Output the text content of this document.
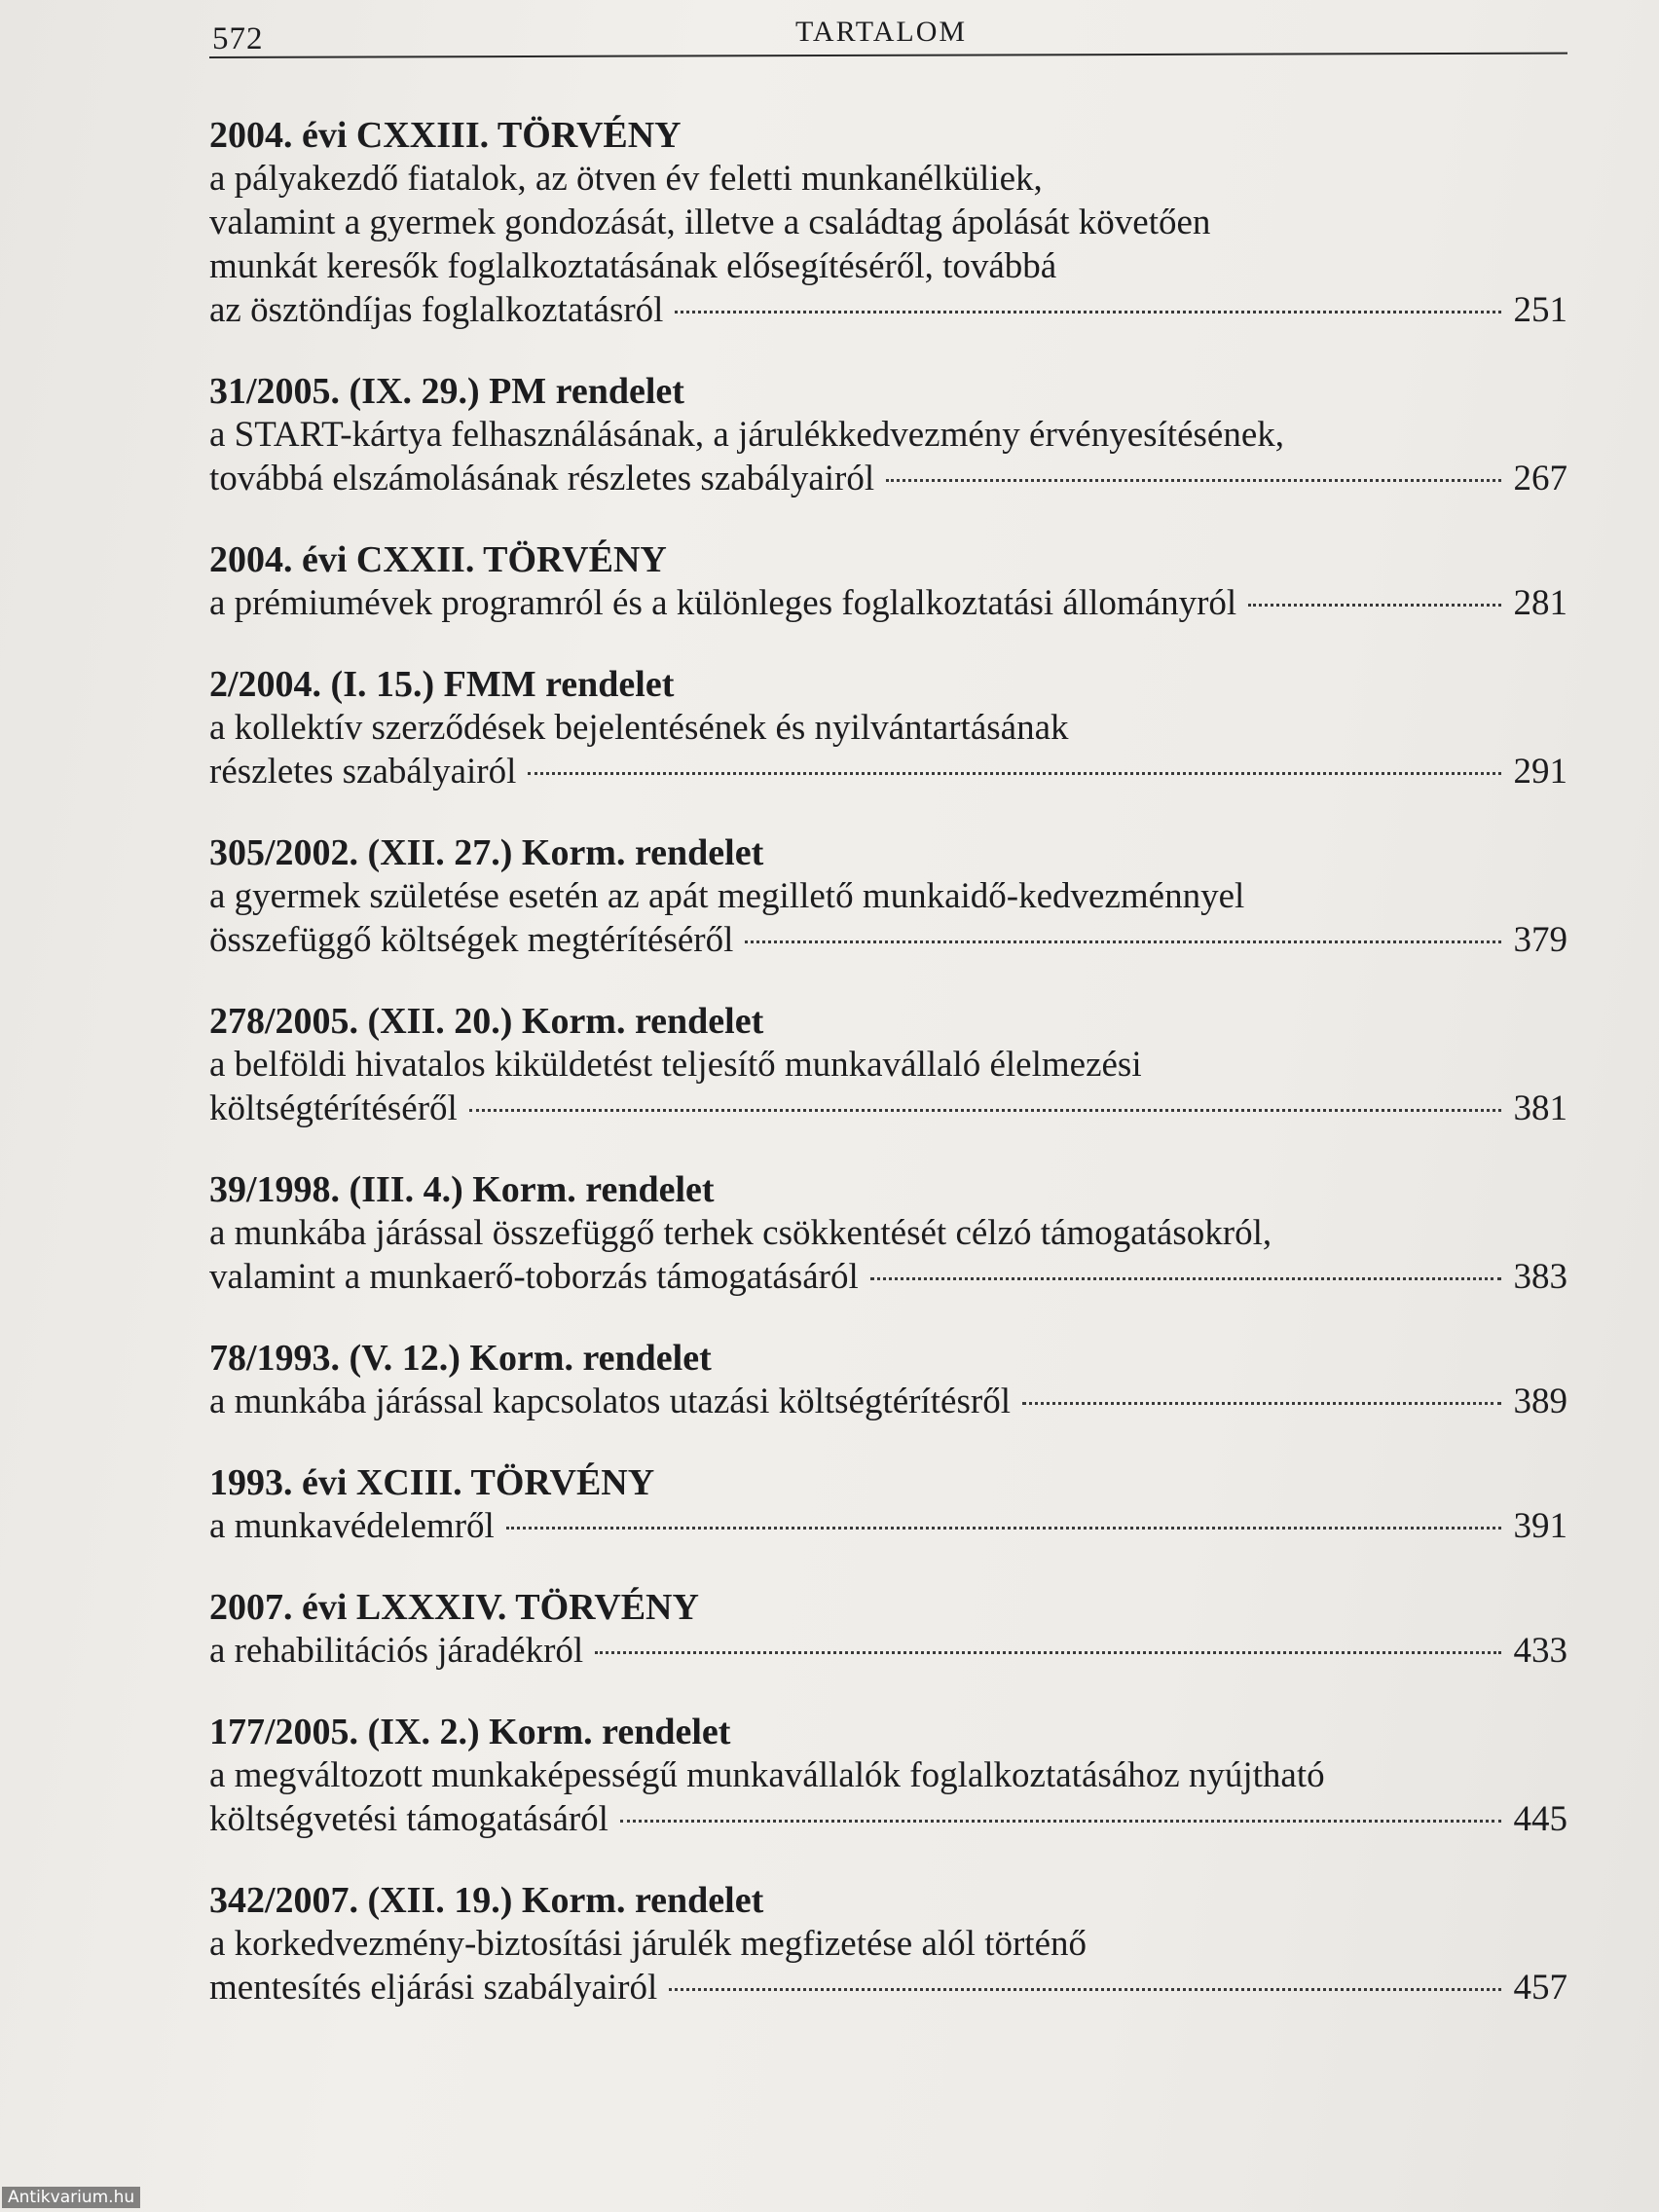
572	TARTALOM
2004. évi CXXIII. TÖRVÉNY
a pályakezdő fiatalok, az ötven év feletti munkanélküliek,
valamint a gyermek gondozását, illetve a családtag ápolását követően
munkát keresők foglalkoztatásának elősegítéséről, továbbá
az ösztöndíjas foglalkoztatásról	251
31/2005. (IX. 29.) PM rendelet
a START-kártya felhasználásának, a járulékkedvezmény érvényesítésének,
továbbá elszámolásának részletes szabályairól	267
2004. évi CXXII. TÖRVÉNY
a prémiumévek programról és a különleges foglalkoztatási állományról	281
2/2004. (I. 15.) FMM rendelet
a kollektív szerződések bejelentésének és nyilvántartásának
részletes szabályairól	291
305/2002. (XII. 27.) Korm. rendelet
a gyermek születése esetén az apát megillető munkaidő-kedvezménnyel
összefüggő költségek megtérítéséről	379
278/2005. (XII. 20.) Korm. rendelet
a belföldi hivatalos kiküldetést teljesítő munkavállaló élelmezési
költségtérítéséről	381
39/1998. (III. 4.) Korm. rendelet
a munkába járással összefüggő terhek csökkentését célzó támogatásokról,
valamint a munkaerő-toborzás támogatásáról	383
78/1993. (V. 12.) Korm. rendelet
a munkába járással kapcsolatos utazási költségtérítésről	389
1993. évi XCIII. TÖRVÉNY
a munkavédelemről	391
2007. évi LXXXIV. TÖRVÉNY
a rehabilitációs járadékról	433
177/2005. (IX. 2.) Korm. rendelet
a megváltozott munkaképességű munkavállalók foglalkoztatásához nyújtható
költségvetési támogatásáról	445
342/2007. (XII. 19.) Korm. rendelet
a korkedvezmény-biztosítási járulék megfizetése alól történő
mentesítés eljárási szabályairól	457
Antikvarium.hu
